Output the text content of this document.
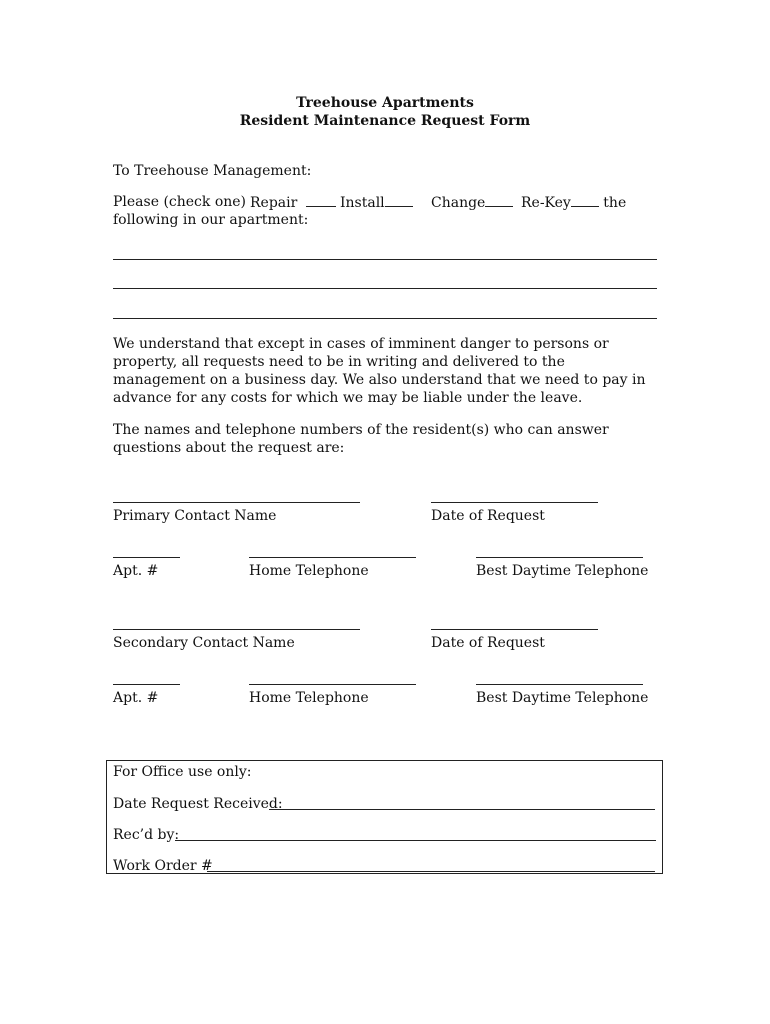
Treehouse Apartments
Resident Maintenance Request Form
To Treehouse Management:
Please (check one) Repair	Install	Change	Re-Key the
following in our apartment:
We understand that except in cases of imminent danger to persons or property, all requests need to be in writing and delivered to the management on a business day. We also understand that we need to pay in advance for any costs for which we may be liable under the leave.
The names and telephone numbers of the resident(s) who can answer questions about the request are:
Primary Contact Name	Date of Request
Apt. #	Home Telephone	Best Daytime Telephone
Secondary Contact Name	Date of Request
Apt. #	Home Telephone	Best Daytime Telephone
For Office use only:
Date Request Received:
Rec’d by:
Work Order #
